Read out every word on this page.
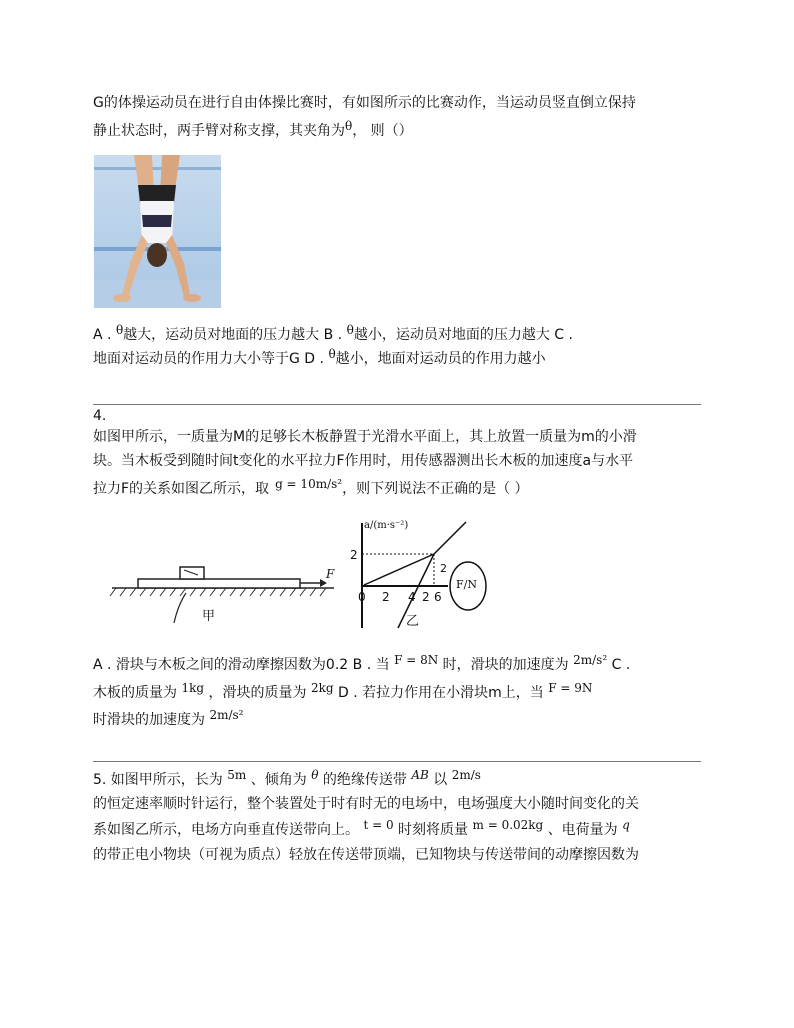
G的体操运动员在进行自由体操比赛时，有如图所示的比赛动作，当运动员竖直倒立保持
静止状态时，两手臂对称支撑，其夹角为θ， 则（）
A . θ越大，运动员对地面的压力越大 B . θ越小，运动员对地面的压力越大 C .
地面对运动员的作用力大小等于G D . θ越小，地面对运动员的作用力越小
4.
如图甲所示，一质量为M的足够长木板静置于光滑水平面上，其上放置一质量为m的小滑
块。当木板受到随时间t变化的水平拉力F作用时，用传感器测出长木板的加速度a与水平
拉力F的关系如图乙所示，取 g = 10m/s²，则下列说法不正确的是（ ）
F
甲
a/(m·s⁻²)
2
0 2 4 2 6
2
F/N
乙
A . 滑块与木板之间的滑动摩擦因数为0.2 B . 当 F = 8N 时，滑块的加速度为 2m/s² C .
木板的质量为 1kg ，滑块的质量为 2kg D . 若拉力作用在小滑块m上，当 F = 9N
时滑块的加速度为 2m/s²
5. 如图甲所示，长为 5m 、倾角为 θ 的绝缘传送带 AB 以 2m/s
的恒定速率顺时针运行，整个装置处于时有时无的电场中，电场强度大小随时间变化的关
系如图乙所示，电场方向垂直传送带向上。 t = 0 时刻将质量 m = 0.02kg 、电荷量为 q
的带正电小物块（可视为质点）轻放在传送带顶端，已知物块与传送带间的动摩擦因数为
